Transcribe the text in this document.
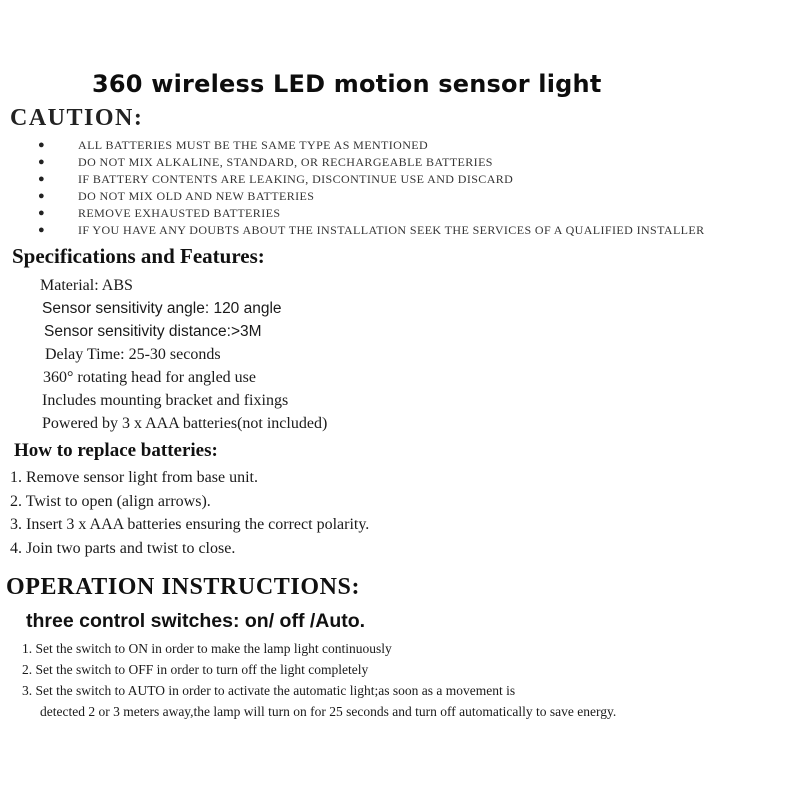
360 wireless LED motion sensor light
CAUTION:
●	ALL BATTERIES MUST BE THE SAME TYPE AS MENTIONED
●	DO NOT MIX ALKALINE, STANDARD, OR RECHARGEABLE BATTERIES
●	IF BATTERY CONTENTS ARE LEAKING, DISCONTINUE USE AND DISCARD
●	DO NOT MIX OLD AND NEW BATTERIES
●	REMOVE EXHAUSTED BATTERIES
●	IF YOU HAVE ANY DOUBTS ABOUT THE INSTALLATION SEEK THE SERVICES OF A QUALIFIED INSTALLER
Specifications and Features:
Material: ABS
Sensor sensitivity angle: 120 angle
Sensor sensitivity distance:>3M
Delay Time: 25-30 seconds
360° rotating head for angled use
Includes mounting bracket and fixings
Powered by 3 x AAA batteries(not included)
How to replace batteries:
1. Remove sensor light from base unit.
2. Twist to open (align arrows).
3. Insert 3 x AAA batteries ensuring the correct polarity.
4. Join two parts and twist to close.
OPERATION INSTRUCTIONS:
three control switches: on/ off /Auto.
1. Set the switch to ON in order to make the lamp light continuously
2. Set the switch to OFF in order to turn off the light completely
3. Set the switch to AUTO in order to activate the automatic light;as soon as a movement is
detected 2 or 3 meters away,the lamp will turn on for 25 seconds and turn off automatically to save energy.
